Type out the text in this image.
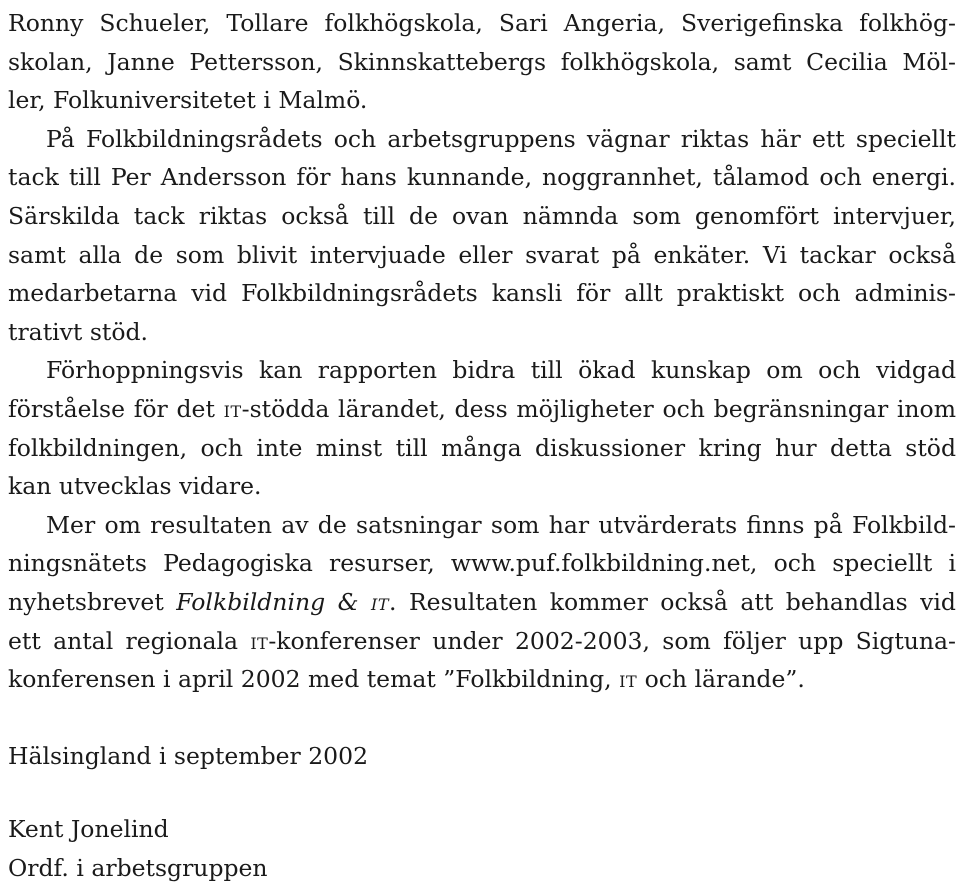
Ronny Schueler, Tollare folkhögskola, Sari Angeria, Sverigefinska folkhög-
skolan, Janne Pettersson, Skinnskattebergs folkhögskola, samt Cecilia Möl-
ler, Folkuniversitetet i Malmö.

På Folkbildningsrådets och arbetsgruppens vägnar riktas här ett speciellt
tack till Per Andersson för hans kunnande, noggrannhet, tålamod och energi.
Särskilda tack riktas också till de ovan nämnda som genomfört intervjuer,
samt alla de som blivit intervjuade eller svarat på enkäter. Vi tackar också
medarbetarna vid Folkbildningsrådets kansli för allt praktiskt och adminis-
trativt stöd.

Förhoppningsvis kan rapporten bidra till ökad kunskap om och vidgad
förståelse för det it-stödda lärandet, dess möjligheter och begränsningar inom
folkbildningen, och inte minst till många diskussioner kring hur detta stöd
kan utvecklas vidare.

Mer om resultaten av de satsningar som har utvärderats finns på Folkbild-
ningsnätets Pedagogiska resurser, www.puf.folkbildning.net, och speciellt i
nyhetsbrevet Folkbildning & it. Resultaten kommer också att behandlas vid
ett antal regionala it-konferenser under 2002-2003, som följer upp Sigtuna-
konferensen i april 2002 med temat ”Folkbildning, it och lärande”.

Hälsingland i september 2002

Kent Jonelind

Ordf. i arbetsgruppen
